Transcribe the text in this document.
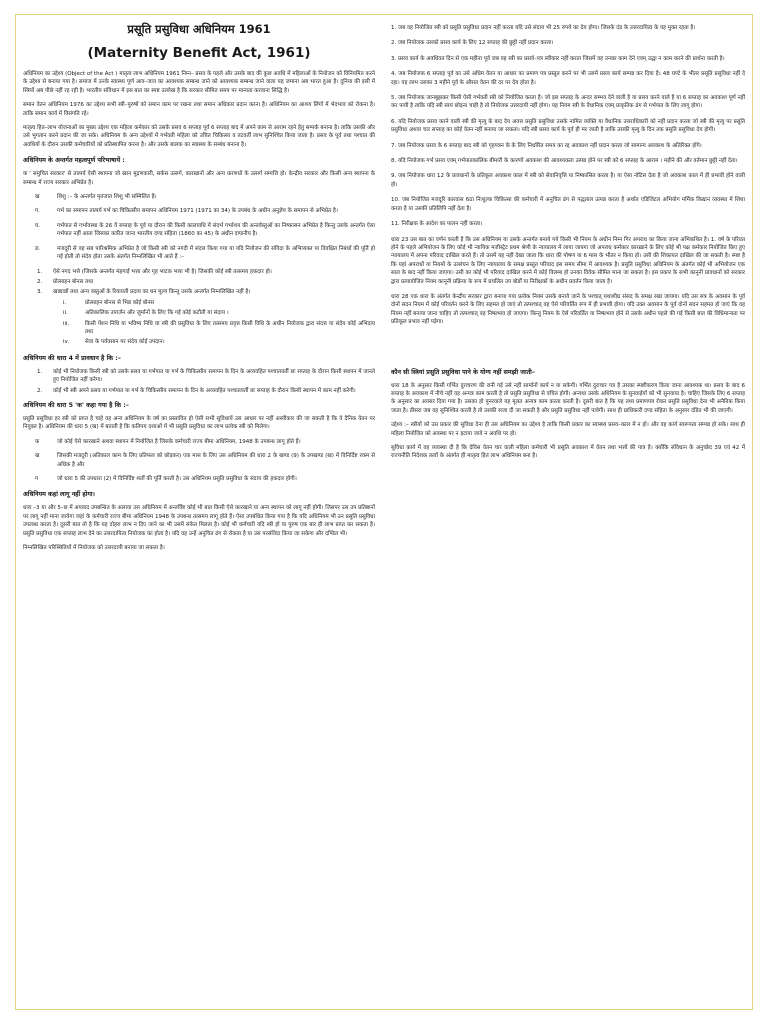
प्रसूति प्रसुविधा अधिनियम 1961
(Maternity Benefit Act, 1961)

अधिनियम का उद्देश्य (Object of the Act ) मातृत्व लाभ अधिनियम 1961 निम्न– प्रसव के पहले और उसके बाद की कुछ अवधि में महिलाओं के नियोजन को विनियमित करने के उद्देश्य से बनाया गया है। समाज में उनके स्वास्थ्य पूर्ण आव–जाव का आवश्यक सम्बन्ध जाने को आवश्यक सम्बन्ध जाने वाला यह जमाना अब भारत हुआ है। दुनिया की इसी में स्त्रियों अब पीछे नहीं रह रही है। भारतीय संविधान में इस बात का स्पष्ट उल्लेख है कि सरकार सीमित समय पर मान्यता करवाना सिद्धि है।

समान वेतन अधिनियम 1976 का उद्देश्य सभी स्त्री–पुरुषों को समान काम पर रखना तथा समान अधिकार प्रदान करना है। अधिनियम का आशय लिंगों में भेदभाव को रोकना है। ताकि समान कार्य में विसंगति रहे।

मातृत्व हित–लाभ योजनाओं का मुख्य उद्देश्य एक महिला कर्मकार को उसके प्रसव 6 सप्ताह पूर्व 6 सप्ताह बाद में अपने काम से आराम रहने हेतु सम्पर्क बनाना है। ताकि उसकी और उसे भुगतान करने प्रदान की जा सके। अधिनियम के अन्य उद्देश्यों में गर्भवती महिला को उचित चिकित्सा व तटवर्ती लाभ सुनिश्चित किया जाता है। प्रसव के पूर्व तथा पश्चात की अवधियों के दौरान उसकी कर्मचारियों को प्रतिस्थापित करना है। और उसके बालक का स्वास्थ्य के सम्बंध बनाना है।

अधिनियम के अन्तर्गत महत्वपूर्ण परिभाषायें :

क ' समुचित सरकार' से तात्पर्य ऐसी स्थापना जो खान मुद्रणकारी, सर्कस उत्सर्ग, कारखानों और अन्य करणधों के उत्सर्ग सम्पत्ति हो। केन्द्रीय सरकार और किसी अन्य स्थापना के सम्बन्ध में राज्य सरकार अभिप्रेत है।

ख	शिशु :– के अन्तर्गत मृतजात शिशु भी सम्मिलित है।
ग.	गर्भ का समापन तात्पर्य गर्भ का चिकित्सीय समापन अधिनियम 1971 (1971 का 34) के उपबंध के अधीन अनुज्ञेय के समापन से अभिप्रेत है।
घ.	गर्भपात से गर्भावस्था के 26 वें सप्ताह के पूर्व या दौरान की किसी कालावधि में संदर्भ गर्भाशय की अन्तर्वस्तुओं का निष्कासन अभिप्रेत है किन्तु उसके अन्तर्गत ऐसा गर्भपात नहीं आता जिसका कारित जाना भारतीय दण्ड संहिता (1860 का 45) के अधीन दण्डनीय है।
ङ.	मजदूरी से वह सब पारिश्रमिक अभिप्रेत है जो किसी स्त्री को नगदी में संदत्त किया गया या यदि नियोजन की संविदा के अभिव्यक्त या विवक्षित निबंधों की पूर्ति हो गई होती तो संदेय होता उसके अंतर्गत निम्नलिखित भी आते हैं :–
1.	ऐसे नगद भत्ते (जिसके अन्तर्गत मंहगाई भत्ता और गृह भाटक भत्ता भी है) जिसकी कोई स्त्री तत्समय हकदार हो।
2.	प्रोत्साहन बोनस तथा
3.	खाद्यान्नों तथा अन्य वस्तुओं के रियायती प्रदाय का धन मूल्य किन्तु उसके अन्तर्गत निम्नलिखित नहीं है।
i.	प्रोत्साहन बोनस से भिन्न कोई बोनस
ii.	अतिकालिक उपार्जन और जुर्मानों के लिए कि गई कोई कटौती या संदाय ।
iii.	किसी पेंशन निधि या भविष्य निधि या स्त्री की प्रसुविधा के लिए तत्समय प्रवृत्त किसी विधि के अधीन नियोजक द्वारा संदत्त या संदेय कोई अभिदाय तथा
iv.	सेवा के पर्यवसान पर संदेय कोई उपदान।
अधिनियम की धारा 4 में प्रावधान है कि :–
1.	कोई भी नियोजक किसी स्त्री को उसके प्रसव या गर्भपात या गर्भ के चिकित्सीय समापन के दिन के अव्यवहित पश्चातवर्ती छः सप्ताह के दौरान किसी स्थापन में जानते हुए नियोजित नहीं करेगा।
2.	कोई भी स्त्री अपने प्रसव या गर्भपात या गर्भ के चिकित्सीय समापन के दिन के अव्यवहित पश्चातवर्ती छः सप्ताह के दौरान किसी स्थापन में काम नहीं करेगी।
अधिनियम की धारा 5 'क' कहा गया है कि :–

प्रसुति प्रसुविधा हर स्त्री को प्राप्त है चाहे वह अन्य अधिनियम के वर्ष का प्रस्तावित हो ऐसी सभी सुविधायें उस आधार पर नहीं अस्वीकार की जा सकती है कि वे दैनिक वेतन पर नियुक्त है। अधिनियम की धारा 5 (ख) में बताती है कि कतिपय दशाओं में भी प्रसुति प्रसुविधा का लाभ प्रत्येक स्त्री को मिलेगा।

क	जो कोई ऐसे कारखाने अथवा स्थापन में नियोजित है जिसके कर्मचारी राज्य बीमा अधिनियम, 1948 के उपबन्ध लागू होते हैं।
ख	जिसकी मजदूरी (अतिकाल काम के लिए प्रतिफल को छोड़कर) एक मास के लिए उस अधिनियम की धारा 2 के खण्ड (9) के उपखण्ड (ख) में विनिर्दिष्ट रकम से अधिक है और
ग	जो धारा 5 की उपधारा (2) में विनिर्दिष्ट शर्तों की पूर्ति करती है। उस अधिनियम प्रसुति प्रसुविधा के संदाय की हकदार होगी।
अधिनियम कहां लागू नहीं होगा।

धारा –3 या और 5–छ में अपवाद उपबन्धित के अलावा उस अधिनियम में अन्तर्विष्ट कोई भी बात किसी ऐसे कारखाने या अन्य स्थापन को लागू नहीं होगी। जिसपर उस उप प्रतिष्ठानों पर लागू नहीं माना जायेगा जहां के कर्मचारी राज्य बीमा अधिनियम 1948 के उपबन्ध तत्समय लागू होते हैं। ऐसा उपबंधित किया गया है कि यदि अधिनियम भी उन प्रसुति प्रसुविधा उपलब्ध करता है। दूसरी बात तो है कि यह दोहरा लाभ न दिए जाने का भी उसमें संकेत मिलता है। कोई भी कर्मचारी यदि स्त्री हो या पुरुष एक बार ही लाभ प्राप्त कर सकता है। प्रसुति प्रसुविधा एक सप्ताह लाभ देने का उत्तरदायित्व नियोजक का होता है। यदि वह उन्हें अनुचित ढंग से रोकता है या उस परसंविदा किया जा सकेगा और दण्डित भी।

निम्नलिखित परिस्थितियों में नियोजक को उत्तरदायी बनाया जा सकता है।

1. जब वह नियोजित स्त्री को प्रसूति प्रसुविधा प्रदान नहीं करता यदि उसे संदाय भी 25 रुपये का देय होगा। जिसके दंड के उत्तरदायित्व के वह मुक्त रहता है।

2. जब नियोजक उसको प्रसव कार्य के लिए 12 सप्ताह की छुट्टी नहीं प्रदान करता।

3. प्रसव कार्य के अवधिवत दिन से एक महीना पूर्व जब वह स्त्री का प्रसर्व–पत्र स्वीकार नहीं करता जिसमें वह उनका काम देने एवम् उद्धा न काम करने की प्रार्थना करती है।

4. जब नियोजक 6 सप्ताह पूर्व का उसे अधिम वेतन या आधार का प्रमाण पत्र प्रस्तुत करने पर भी उसमें प्रसव कार्य सम्पन्न कर दिया है। 48 घण्टे के भीतर प्रसूति प्रसुविधा नहीं दे रहा। वह लाभ उसका 3 महीने पूर्व के औसत वेतन की दर पर देय होता है।

5. जब नियोजक जानबूझकर किसी ऐसी गर्भवती स्त्री को नियोजित करता है। जो इस सप्ताह के अन्दर सम्भव देने वाली है या प्रसव करने वाले है या 6 सप्ताह का अवकाश पूर्ण नहीं कर पायी है ताकि यदि स्त्री स्वयं छोड़ना चाही है तो नियोजक उत्तरदायी नहीं होगा। यह नियम स्त्री के वैधानिक एवम् प्राकृतिक ढंग से गर्भपात के लिए लागू होगा।

6. यदि नियोजक प्रसव करने वाली स्त्री की मृत्यु के बाद देय अवत्त प्रसुति प्रसुविधा उसके नामित व्यक्ति या वैधानिक उत्तराधिकारी को नहीं प्रदान करता जो स्त्री की मृत्यु पर प्रसुति प्रसुविधा अथवा चार सप्ताह का कोई वेतन नहीं बनाया जा सकता। यदि स्त्री प्रसव कार्य के पूर्व ही मर जाती है ताकि उसकी मृत्यु के दिन तक प्रसुति प्रसुविधा देय होगी।

7. जब नियोजक प्रसव के 6 सप्ताह बाद स्त्री को गृहपत्रन के के लिए निर्धारित समय का रद्द अवकाश नहीं प्रदान करता जो सामान्य अवकाश के अतिरिक्त होंगे।

8. यदि नियोजक गर्भ प्रसव एवम् गर्भपातकालिक बीमारी के कारणों अवकाश की आवश्यकता उत्पन्न होने पर स्त्री को 6 सप्ताह के आराम । महीने की और वर्तमान छुट्टी नहीं देता।

9. जब नियोजक धारा 12 के प्रावधानों के प्रतिकूल अवकाश काल में स्त्री को सेवानिवृत्ति या निष्कासित करता है। या ऐसा नोटिस देता है जो अवकाश काल में ही प्रभावी होने वाली हो।

10. जब नियोजित मजदूरि कारवास 6ठा निःशुल्क चिकित्सा की कर्मचारी में अनुचित ढंग से पद्धताल उत्पन्न करता है अर्थात एडिजिटल अभियोग मर्मिक किद्यान व्यवस्था में शिथा करता है या उसकी प्रतिलिपि नहीं देता है।

11. निरीक्षक के आदेश का पालन नहीं करता।

धारा 23 उस बात का वर्णन करती है कि उस अधिनियम या उसके अन्तर्गत बनाये गये किसी भी नियम के अधीन निम्न गिर अपराध का किया जाना अभिकथित है। 1. वर्ष के परिवत होने के पहले अभियोजन के लिए कोई भी न्यायिक मजीस्ट्रेट प्रथम श्रेणी के न्यायालय में लाया जायगा जो अपराध कर्मकार कारख़ाने के लिए कोई भी पक्ष कर्मकार नियोजित किए हुए न्यायालय में अपना परिवाद दाखिल करते हैं। तो उसमें यह नहीं देखा जाता कि धारा की पोषण या 6 मास के भीतर न किया हो। उसी की शिकायत दाखिल की जा सकती है। स्पष्ट है कि यहां अपराधों या नियमों के उल्लंघन के लिए न्यायालय के समक्ष प्रस्तुत परिवाद इस समय सीमा में आवश्यक है। प्रसुति प्रसुविधा अधिनियम के अंतर्गत कोई भी अभियोजन एक साल के बाद नहीं किया जाएगा। उसी का कोई भी परिवाद दाखिल करने में कोई विलम्ब हो उनका विवेक सीमित माना जा सकता है। इस प्रकार के सभी कानूनी प्रावधानों को सरकार द्वारा प्रत्यायोजित नियम कानूनी प्रक्रिया के रूप में प्रचलित उप बोर्डों या निरीक्षकों के अधीन प्रवर्तन किया जाता है।

धारा 28 एक धारा के अंतर्गत केन्द्रीय सरकार द्वारा बनाया गया प्रत्येक नियम उसके बनाये जाने के पश्चात् यथाशीघ्र संसद के समक्ष रखा जायगा। यदि उस सत्र के अवसान के पूर्व दोनों सदन नियम में कोई परिवर्तन करने के लिए सहमत हो जाएं तो तत्पश्चात् वह ऐसे परिवर्तित रूप में ही प्रभावी होगा। यदि उक्त अवसान के पूर्व दोनों सदन सहमत हो जाएं कि वह नियम नहीं बनाया जाना चाहिए तो तत्पश्चात् वह निष्प्रभाव हो जाएगा। किन्तु नियम के ऐसे परिवर्तित या निष्प्रभाव होने से उसके अधीन पहले की गई किसी बात की विधिमान्यता पर प्रतिकूल प्रभाव नहीं पड़ेगा।

कौन सी स्त्रियां प्रसुति प्रसुविधा पाने के योग्य नहीं समझी जाती–

धारा 18 के अनुसार किसी गर्भित दुराचरण की रानी गई उसे नहीं सार्मानों कार्य न या सकेगी। गर्भित दुराचार पत्र है उसका स्पष्टीकरण किया जाना आवश्यक था। प्रसव के बाद 6 सप्ताह के अवकाश में नीचे नहीं वह अन्यत्र काम करती है तो प्रसुति प्रसुविधा से वंचित होगी। अन्यथा उसके अधिनियम के सुनवाईयों को भी सुनवाया है। चाहिए जिसके लिए 6 सप्ताह के अनुसार का अवसर दिया गया है। उसका हो पुनरवाले यह मूलत अन्यत्र काम करता करती है। दूसरी बात है कि यह तथ्य प्रमाणपत्र रोकर प्रसुति प्रसुविधा देना भी अनैतिक किया जाता है। तीसरा जब वह सुनिश्चित करती है तो उसकी सजा दी जा सकती है और प्रसुति प्रसुविधा नहीं पावेगी। साथ ही प्राधिकारी दण्ड संहिता के अनुसार दंडित भी की जाएगी।

उद्देश्य :– स्त्रीयों को उस प्रकार की सुविधा देना ही उस अधिनियम का उद्देश्य है ताकि किसी प्रकार का स्वास्थ्य प्रसव–काल में न हो। और वह कार्य स्वरूपता सम्पन्न हो सके। साथ ही महिला नियोजित को अवस्था पर न हटाया जाये न अवधि पर हो।

सुविधा कार्य में वह व्यवस्था दी है कि देविस वेतन चार वाली महिला कर्मचारी भी प्रसुति अवकाश में वेतन तथा भत्तों की पात्र है। क्योंकि संविधान के अनुच्छेद 39 एवं 42 में राज्यनीति निदेशक तत्वों के अंतर्गत ही मातृत्व हित लाभ अधिनियम बना है।
